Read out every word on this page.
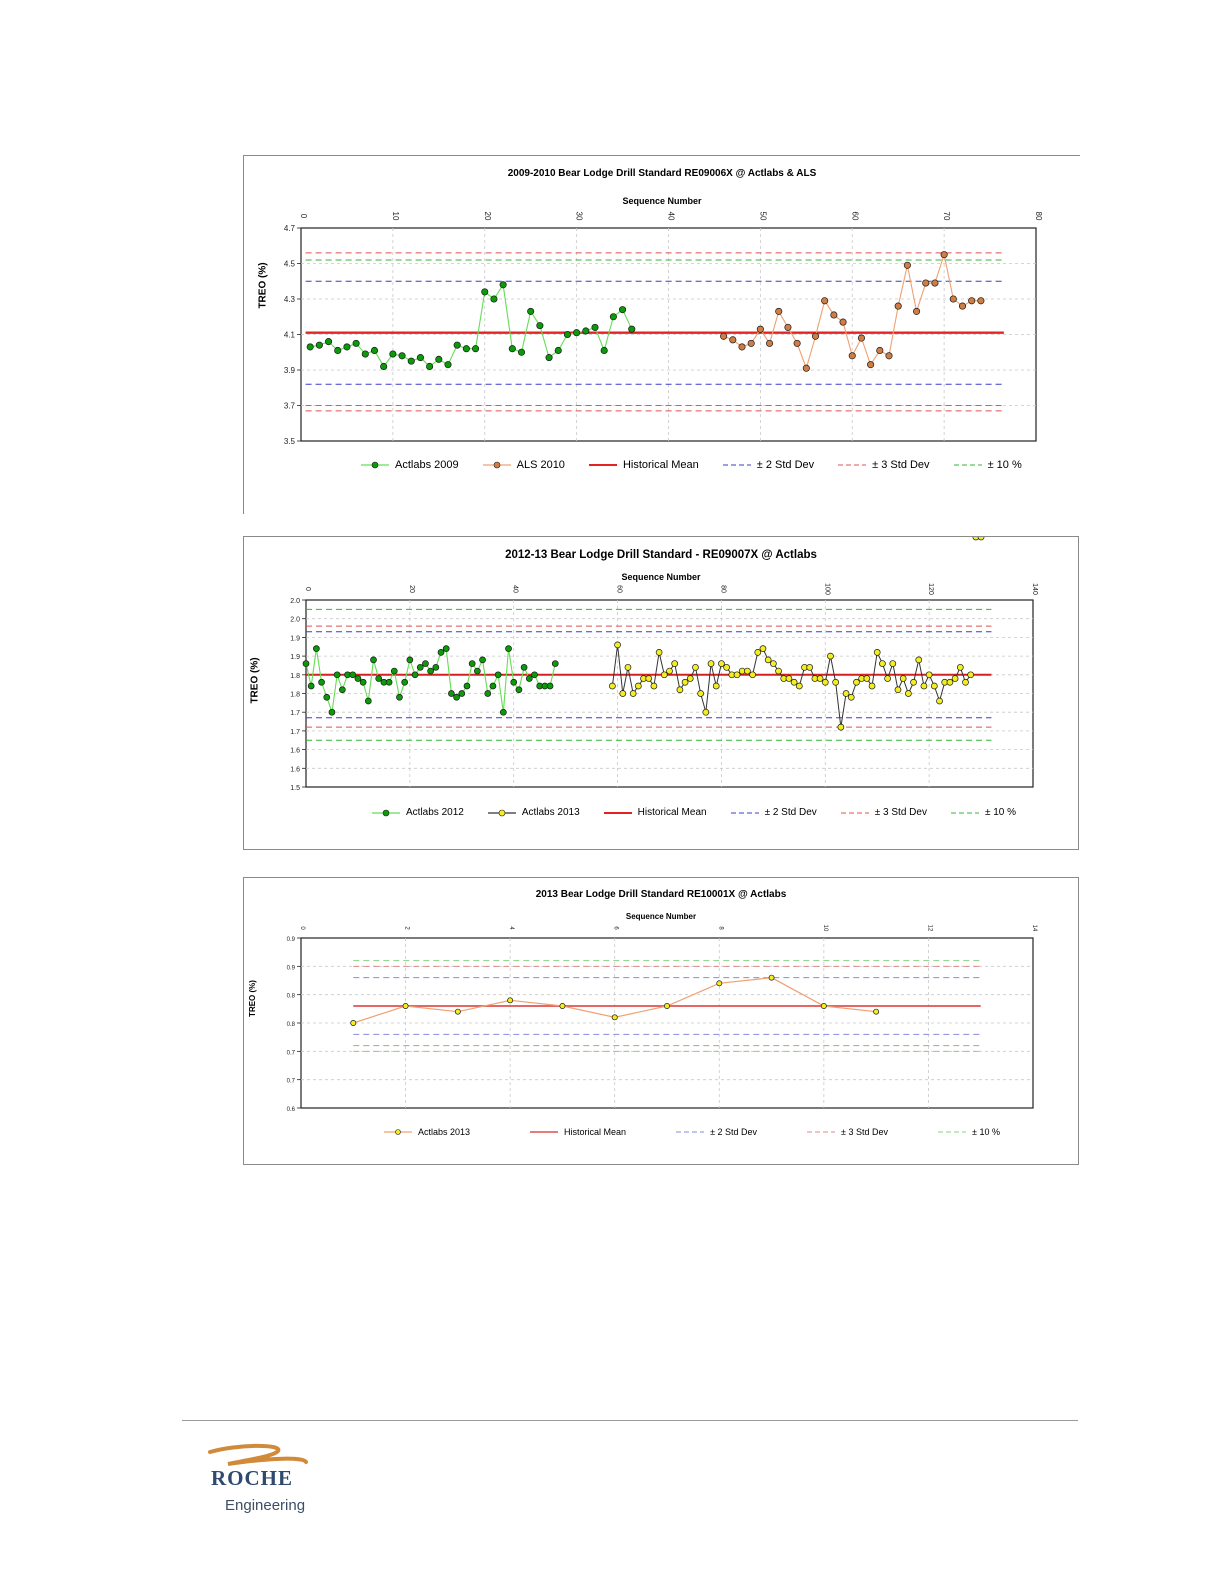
2009-2010 Bear Lodge Drill Standard RE09006X @ Actlabs & ALS
Sequence Number
TREO (%)
0	10	20	30	40	50	60	70	80
3.5
3.7
3.9
4.1
4.3
4.5
4.7
Actlabs 2009	ALS 2010	Historical Mean	± 2 Std Dev	± 3 Std Dev	± 10 %
2012-13 Bear Lodge Drill Standard - RE09007X @ Actlabs
Sequence Number
TREO (%)
0	20	40	60	80	100	120	140
1.5
1.6
1.6
1.7
1.7
1.8
1.8
1.9
1.9
2.0
2.0
Actlabs 2012	Actlabs 2013	Historical Mean	± 2 Std Dev	± 3 Std Dev	± 10 %
2013 Bear Lodge Drill Standard RE10001X @ Actlabs
Sequence Number
TREO (%)
0	2	4	6	8	10	12	14
0.6
0.7
0.7
0.8
0.8
0.9
0.9
Actlabs 2013	Historical Mean	± 2 Std Dev	± 3 Std Dev	± 10 %
ROCHE
Engineering
